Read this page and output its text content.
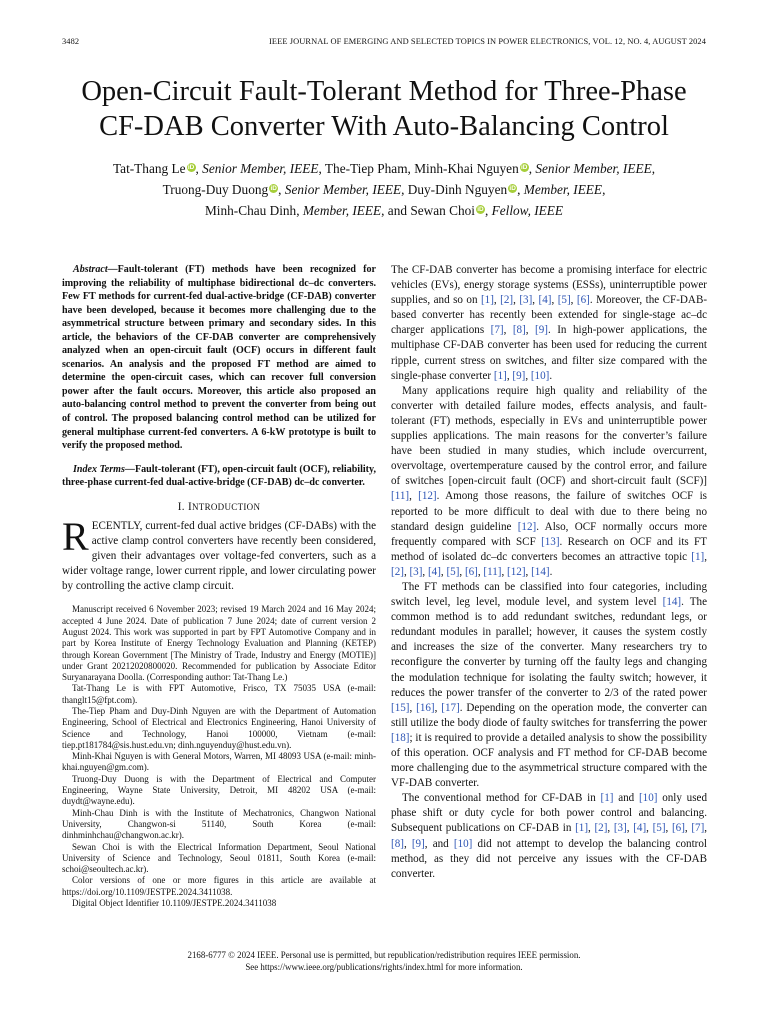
3482	IEEE JOURNAL OF EMERGING AND SELECTED TOPICS IN POWER ELECTRONICS, VOL. 12, NO. 4, AUGUST 2024
Open-Circuit Fault-Tolerant Method for Three-Phase
CF-DAB Converter With Auto-Balancing Control
Tat-Thang Le iD, Senior Member, IEEE, The-Tiep Pham, Minh-Khai Nguyen iD, Senior Member, IEEE,
Truong-Duy Duong iD, Senior Member, IEEE, Duy-Dinh Nguyen iD, Member, IEEE,
Minh-Chau Dinh, Member, IEEE, and Sewan Choi iD, Fellow, IEEE

Abstract—Fault-tolerant (FT) methods have been recognized for improving the reliability of multiphase bidirectional dc–dc converters. Few FT methods for current-fed dual-active-bridge (CF-DAB) converter have been developed, because it becomes more challenging due to the asymmetrical structure between primary and secondary sides. In this article, the behaviors of the CF-DAB converter are comprehensively analyzed when an open-circuit fault (OCF) occurs in different fault scenarios. An analysis and the proposed FT method are aimed to determine the open-circuit cases, which can recover full conversion power after the fault occurs. Moreover, this article also proposed an auto-balancing control method to prevent the converter from being out of control. The proposed balancing control method can be utilized for general multiphase current-fed converters. A 6-kW prototype is built to verify the proposed method.

Index Terms—Fault-tolerant (FT), open-circuit fault (OCF), reliability, three-phase current-fed dual-active-bridge (CF-DAB) dc–dc converter.

I. INTRODUCTION

RECENTLY, current-fed dual active bridges (CF-DABs) with the active clamp control converters have recently been considered, given their advantages over voltage-fed converters, such as a wider voltage range, lower current ripple, and lower circulating power by controlling the active clamp circuit.

Manuscript received 6 November 2023; revised 19 March 2024 and 16 May 2024; accepted 4 June 2024. Date of publication 7 June 2024; date of current version 2 August 2024. This work was supported in part by FPT Automotive Company and in part by Korea Institute of Energy Technology Evaluation and Planning (KETEP) through Korean Government [The Ministry of Trade, Industry and Energy (MOTIE)] under Grant 20212020800020. Recommended for publication by Associate Editor Suryanarayana Doolla. (Corresponding author: Tat-Thang Le.)

Tat-Thang Le is with FPT Automotive, Frisco, TX 75035 USA (e-mail: thanglt15@fpt.com).

The-Tiep Pham and Duy-Dinh Nguyen are with the Department of Automation Engineering, School of Electrical and Electronics Engineering, Hanoi University of Science and Technology, Hanoi 100000, Vietnam (e-mail: tiep.pt181784@sis.hust.edu.vn; dinh.nguyenduy@hust.edu.vn).

Minh-Khai Nguyen is with General Motors, Warren, MI 48093 USA (e-mail: minh-khai.nguyen@gm.com).

Truong-Duy Duong is with the Department of Electrical and Computer Engineering, Wayne State University, Detroit, MI 48202 USA (e-mail: duydt@wayne.edu).

Minh-Chau Dinh is with the Institute of Mechatronics, Changwon National University, Changwon-si 51140, South Korea (e-mail: dinhminhchau@changwon.ac.kr).

Sewan Choi is with the Electrical Information Department, Seoul National University of Science and Technology, Seoul 01811, South Korea (e-mail: schoi@seoultech.ac.kr).

Color versions of one or more figures in this article are available at https://doi.org/10.1109/JESTPE.2024.3411038.

Digital Object Identifier 10.1109/JESTPE.2024.3411038

The CF-DAB converter has become a promising interface for electric vehicles (EVs), energy storage systems (ESSs), uninterruptible power supplies, and so on [1], [2], [3], [4], [5], [6]. Moreover, the CF-DAB-based converter has recently been extended for single-stage ac–dc charger applications [7], [8], [9]. In high-power applications, the multiphase CF-DAB converter has been used for reducing the current ripple, current stress on switches, and filter size compared with the single-phase converter [1], [9], [10].

Many applications require high quality and reliability of the converter with detailed failure modes, effects analysis, and fault-tolerant (FT) methods, especially in EVs and uninterruptible power supplies applications. The main reasons for the converter’s failure have been studied in many studies, which include overcurrent, overvoltage, overtemperature caused by the control error, and failure of switches [open-circuit fault (OCF) and short-circuit fault (SCF)] [11], [12]. Among those reasons, the failure of switches OCF is reported to be more difficult to deal with due to there being no standard design guideline [12]. Also, OCF normally occurs more frequently compared with SCF [13]. Research on OCF and its FT method of isolated dc–dc converters becomes an attractive topic [1], [2], [3], [4], [5], [6], [11], [12], [14].

The FT methods can be classified into four categories, including switch level, leg level, module level, and system level [14]. The common method is to add redundant switches, redundant legs, or redundant modules in parallel; however, it causes the system costly and increases the size of the converter. Many researchers try to reconfigure the converter by turning off the faulty legs and changing the modulation technique for isolating the faulty switch; however, it reduces the power transfer of the converter to 2/3 of the rated power [15], [16], [17]. Depending on the operation mode, the converter can still utilize the body diode of faulty switches for transferring the power [18]; it is required to provide a detailed analysis to show the possibility of this operation. OCF analysis and FT method for CF-DAB become more challenging due to the asymmetrical structure compared with the VF-DAB converter.

The conventional method for CF-DAB in [1] and [10] only used phase shift or duty cycle for both power control and balancing. Subsequent publications on CF-DAB in [1], [2], [3], [4], [5], [6], [7], [8], [9], and [10] did not attempt to develop the balancing control method, as they did not perceive any issues with the CF-DAB converter.

2168-6777 © 2024 IEEE. Personal use is permitted, but republication/redistribution requires IEEE permission.
See https://www.ieee.org/publications/rights/index.html for more information.
